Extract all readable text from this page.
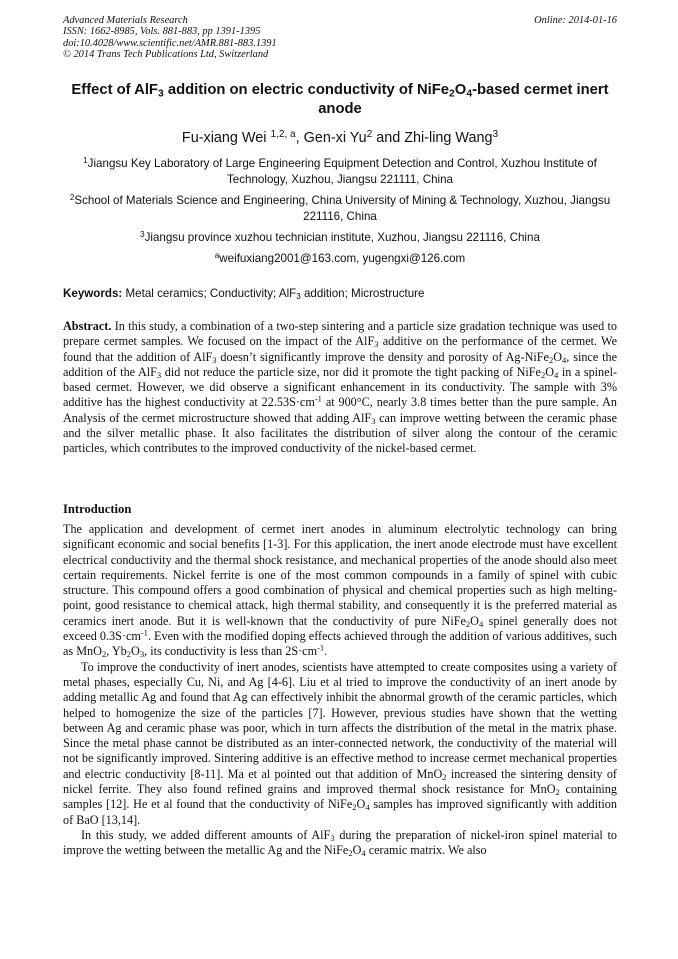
Advanced Materials Research
ISSN: 1662-8985, Vols. 881-883, pp 1391-1395
doi:10.4028/www.scientific.net/AMR.881-883.1391
© 2014 Trans Tech Publications Ltd, Switzerland
Online: 2014-01-16
Effect of AlF$_3$ addition on electric conductivity of $NiFe_2O_4$-based cermet inert anode
Fu-xiang Wei $^{1,2, a}$, Gen-xi Yu$^2$ and Zhi-ling Wang$^3$
$^1$Jiangsu Key Laboratory of Large Engineering Equipment Detection and Control, Xuzhou Institute of Technology, Xuzhou, Jiangsu 221111, China
$^2$School of Materials Science and Engineering, China University of Mining & Technology, Xuzhou, Jiangsu 221116, China
$^3$Jiangsu province xuzhou technician institute, Xuzhou, Jiangsu 221116, China
$^a$weifuxiang2001@163.com, yugengxi@126.com
Keywords: Metal ceramics; Conductivity; AlF$_3$ addition; Microstructure

Abstract. In this study, a combination of a two-step sintering and a particle size gradation technique was used to prepare cermet samples. We focused on the impact of the AlF$_3$ additive on the performance of the cermet. We found that the addition of AlF$_3$ doesn’t significantly improve the density and porosity of $Ag-NiFe_2O_4$, since the addition of the AlF$_3$ did not reduce the particle size, nor did it promote the tight packing of $NiFe_2O_4$ in a spinel-based cermet. However, we did observe a significant enhancement in its conductivity. The sample with 3% additive has the highest conductivity at $22.53S\cdot cm^{-1}$ at 900°C, nearly 3.8 times better than the pure sample. An Analysis of the cermet microstructure showed that adding AlF$_3$ can improve wetting between the ceramic phase and the silver metallic phase. It also facilitates the distribution of silver along the contour of the ceramic particles, which contributes to the improved conductivity of the nickel-based cermet.

Introduction

The application and development of cermet inert anodes in aluminum electrolytic technology can bring significant economic and social benefits [1-3]. For this application, the inert anode electrode must have excellent electrical conductivity and the thermal shock resistance, and mechanical properties of the anode should also meet certain requirements. Nickel ferrite is one of the most common compounds in a family of spinel with cubic structure. This compound offers a good combination of physical and chemical properties such as high melting-point, good resistance to chemical attack, high thermal stability, and consequently it is the preferred material as ceramics inert anode. But it is well-known that the conductivity of pure $NiFe_2O_4$ spinel generally does not exceed $0.3S\cdot cm^{-1}$. Even with the modified doping effects achieved through the addition of various additives, such as MnO$_2$, $Yb_2O_3$, its conductivity is less than $2S\cdot cm^{-1}$.

To improve the conductivity of inert anodes, scientists have attempted to create composites using a variety of metal phases, especially Cu, Ni, and Ag [4-6]. Liu et al tried to improve the conductivity of an inert anode by adding metallic Ag and found that Ag can effectively inhibit the abnormal growth of the ceramic particles, which helped to homogenize the size of the particles [7]. However, previous studies have shown that the wetting between Ag and ceramic phase was poor, which in turn affects the distribution of the metal in the matrix phase. Since the metal phase cannot be distributed as an inter-connected network, the conductivity of the material will not be significantly improved. Sintering additive is an effective method to increase cermet mechanical properties and electric conductivity [8-11]. Ma et al pointed out that addition of MnO$_2$ increased the sintering density of nickel ferrite. They also found refined grains and improved thermal shock resistance for MnO$_2$ containing samples [12]. He et al found that the conductivity of $NiFe_2O_4$ samples has improved significantly with addition of BaO [13,14].

In this study, we added different amounts of AlF$_3$ during the preparation of nickel-iron spinel material to improve the wetting between the metallic Ag and the $NiFe_2O_4$ ceramic matrix. We also
